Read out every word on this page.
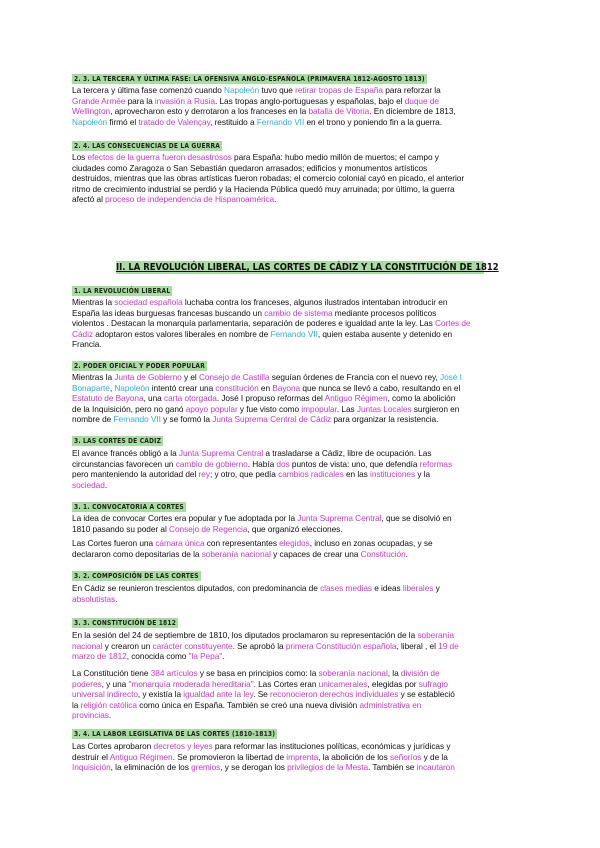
2. 3. LA TERCERA Y ÚLTIMA FASE: LA OFENSIVA ANGLO-ESPAÑOLA (PRIMAVERA 1812-AGOSTO 1813)
La tercera y última fase comenzó cuando Napoleón tuvo que retirar tropas de España para reforzar la
Grande Armée para la invasión a Rusia. Las tropas anglo-portuguesas y españolas, bajo el duque de
Wellington, aprovecharon esto y derrotaron a los franceses en la batalla de Vitoria. En diciembre de 1813,
Napoleón firmó el tratado de Valençay, restituido a Fernando VII en el trono y poniendo fin a la guerra.
2. 4. LAS CONSECUENCIAS DE LA GUERRA
Los efectos de la guerra fueron desastrosos para España: hubo medio millón de muertos; el campo y
ciudades como Zaragoza o San Sebastián quedaron arrasados; edificios y monumentos artísticos
destruidos, mientras que las obras artísticas fueron robadas; el comercio colonial cayó en picado, el anterior
ritmo de crecimiento industrial se perdió y la Hacienda Pública quedó muy arruinada; por último, la guerra
afectó al proceso de independencia de Hispanoamérica.
II. LA REVOLUCIÓN LIBERAL, LAS CORTES DE CÁDIZ Y LA CONSTITUCIÓN DE 1812
1. LA REVOLUCIÓN LIBERAL
Mientras la sociedad española luchaba contra los franceses, algunos ilustrados intentaban introducir en
España las ideas burguesas francesas buscando un cambio de sistema mediante procesos políticos
violentos . Destacan la monarquía parlamentaria, separación de poderes e igualdad ante la ley. Las Cortes de
Cádiz adoptaron estos valores liberales en nombre de Fernando VII, quien estaba ausente y detenido en
Francia.
2. PODER OFICIAL Y PODER POPULAR
Mientras la Junta de Gobierno y el Consejo de Castilla seguían órdenes de Francia con el nuevo rey, José I
Bonaparte, Napoleón intentó crear una constitución en Bayona que nunca se llevó a cabo, resultando en el
Estatuto de Bayona, una carta otorgada. José I propuso reformas del Antiguo Régimen, como la abolición
de la Inquisición, pero no ganó apoyo popular y fue visto como impopular. Las Juntas Locales surgieron en
nombre de Fernando VII y se formó la Junta Suprema Central de Cádiz para organizar la resistencia.
3. LAS CORTES DE CÁDIZ
El avance francés obligó a la Junta Suprema Central a trasladarse a Cádiz, libre de ocupación. Las
circunstancias favorecen un cambio de gobierno. Había dos puntos de vista: uno, que defendía reformas
pero manteniendo la autoridad del rey; y otro, que pedía cambios radicales en las instituciones y la
sociedad.
3. 1. CONVOCATORIA A CORTES
La idea de convocar Cortes era popular y fue adoptada por la Junta Suprema Central, que se disolvió en
1810 pasando su poder al Consejo de Regencia, que organizó elecciones.
Las Cortes fueron una cámara única con representantes elegidos, incluso en zonas ocupadas, y se
declararon como depositarias de la soberanía nacional y capaces de crear una Constitución.
3. 2. COMPOSICIÓN DE LAS CORTES
En Cádiz se reunieron trescientos diputados, con predominancia de clases medias e ideas liberales y
absolutistas.
3. 3. CONSTITUCIÓN DE 1812
En la sesión del 24 de septiembre de 1810, los diputados proclamaron su representación de la soberanía
nacional y crearon un carácter constituyente. Se aprobó la primera Constitución española, liberal , el 19 de
marzo de 1812, conocida como "la Pepa".
La Constitución tiene 384 artículos y se basa en principios como: la soberanía nacional, la división de
poderes, y una "monarquía moderada hereditaria". Las Cortes eran unicamerales, elegidas por sufragio
universal indirecto, y existía la igualdad ante la ley. Se reconocieron derechos individuales y se estableció
la religión católica como única en España. También se creó una nueva división administrativa en
provincias.
3. 4. LA LABOR LEGISLATIVA DE LAS CORTES (1810-1813)
Las Cortes aprobaron decretos y leyes para reformar las instituciones políticas, económicas y jurídicas y
destruir el Antiguo Régimen. Se promovieron la libertad de imprenta, la abolición de los señoríos y de la
Inquisición, la eliminación de los gremios, y se derogan los privilegios de la Mesta. También se incautaron
